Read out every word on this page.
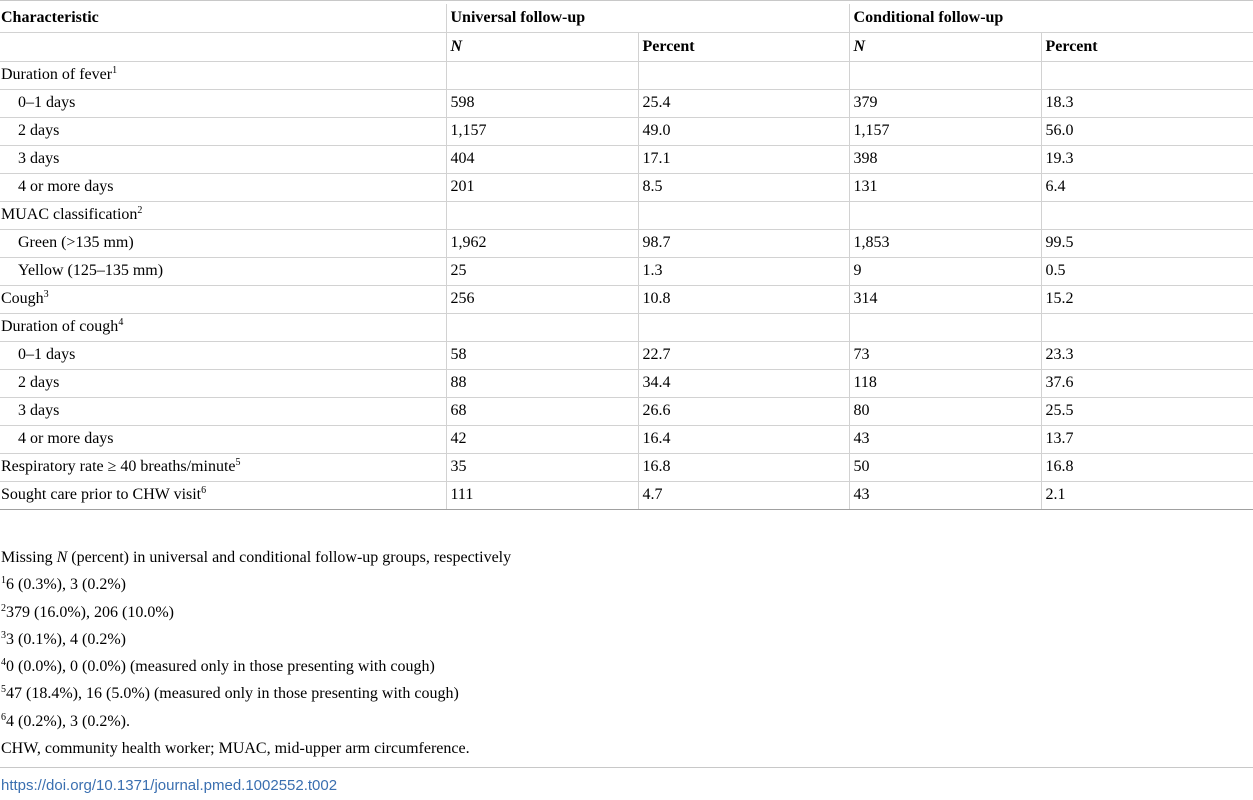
Characteristic	Universal follow-up		Conditional follow-up	
	N	Percent	N	Percent
Duration of fever$^1$				
0–1 days	598	25.4	379	18.3
2 days	1,157	49.0	1,157	56.0
3 days	404	17.1	398	19.3
4 or more days	201	8.5	131	6.4
MUAC classification$^2$				
Green (>135 mm)	1,962	98.7	1,853	99.5
Yellow (125–135 mm)	25	1.3	9	0.5
Cough$^3$	256	10.8	314	15.2
Duration of cough$^4$				
0–1 days	58	22.7	73	23.3
2 days	88	34.4	118	37.6
3 days	68	26.6	80	25.5
4 or more days	42	16.4	43	13.7
Respiratory rate ≥ 40 breaths/minute$^5$	35	16.8	50	16.8
Sought care prior to CHW visit$^6$	111	4.7	43	2.1
Missing N (percent) in universal and conditional follow-up groups, respectively
$^1$6 (0.3%), 3 (0.2%)
$^2$379 (16.0%), 206 (10.0%)
$^3$3 (0.1%), 4 (0.2%)
$^4$0 (0.0%), 0 (0.0%) (measured only in those presenting with cough)
$^5$47 (18.4%), 16 (5.0%) (measured only in those presenting with cough)
$^6$4 (0.2%), 3 (0.2%).
CHW, community health worker; MUAC, mid-upper arm circumference.
https://doi.org/10.1371/journal.pmed.1002552.t002
